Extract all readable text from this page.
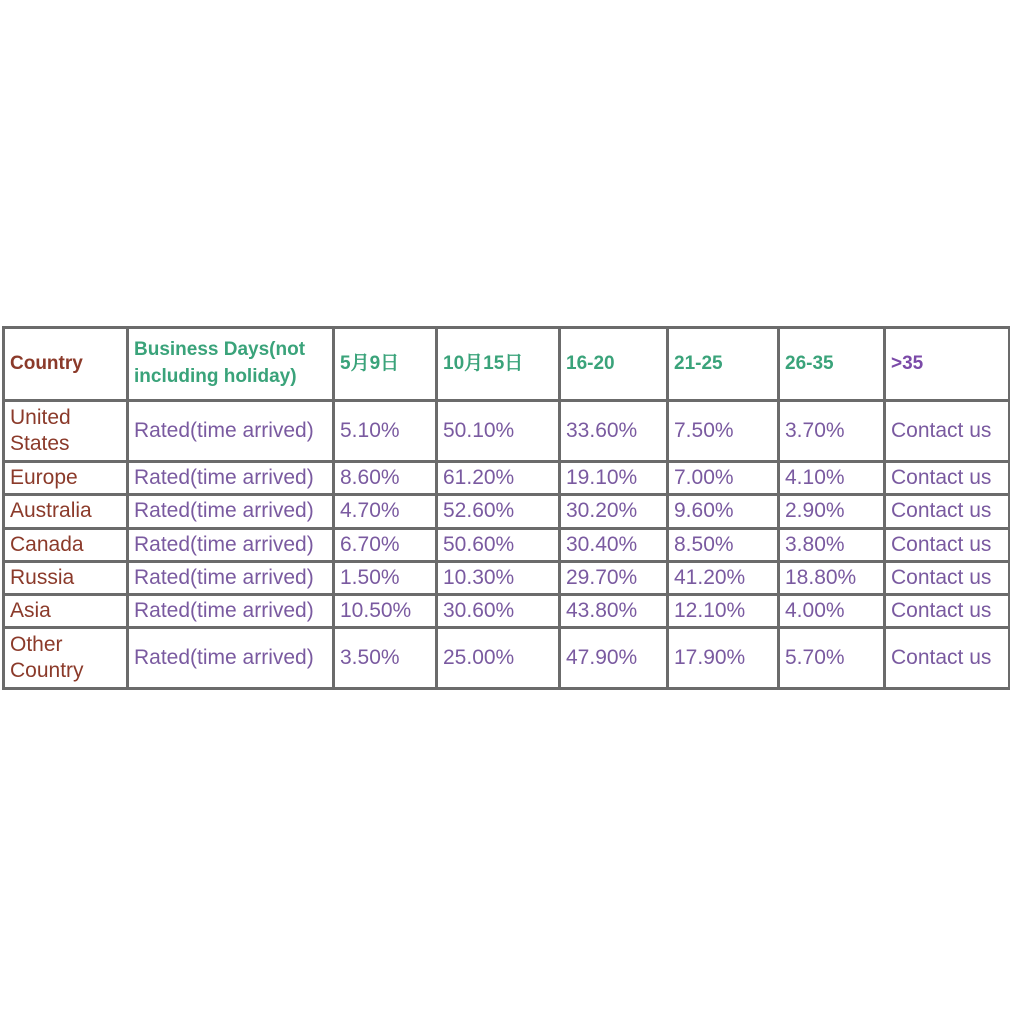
Country	Business Days(not including holiday)	5月9日	10月15日	16-20	21-25	26-35	>35
United States	Rated(time arrived)	5.10%	50.10%	33.60%	7.50%	3.70%	Contact us
Europe	Rated(time arrived)	8.60%	61.20%	19.10%	7.00%	4.10%	Contact us
Australia	Rated(time arrived)	4.70%	52.60%	30.20%	9.60%	2.90%	Contact us
Canada	Rated(time arrived)	6.70%	50.60%	30.40%	8.50%	3.80%	Contact us
Russia	Rated(time arrived)	1.50%	10.30%	29.70%	41.20%	18.80%	Contact us
Asia	Rated(time arrived)	10.50%	30.60%	43.80%	12.10%	4.00%	Contact us
Other Country	Rated(time arrived)	3.50%	25.00%	47.90%	17.90%	5.70%	Contact us
